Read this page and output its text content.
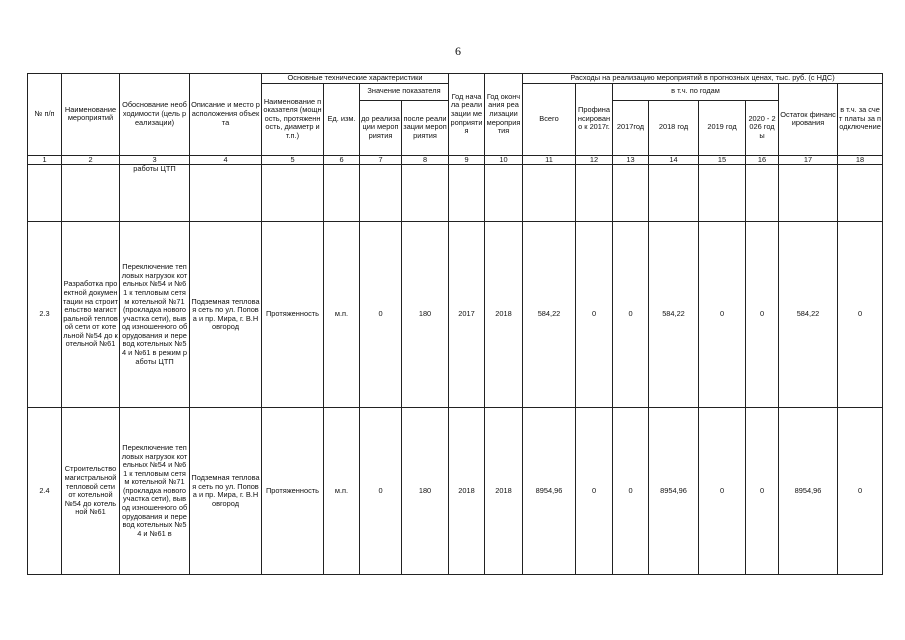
6
№ п/п	Наименование мероприятий	Обоснование необходимости (цель реализации)	Описание и место расположения объекта	Основные технические характеристики				Год начала реализации мероприятия	Год окончания реализации мероприятия	Расходы на реализацию мероприятий в прогнозных ценах, тыс. руб. (с НДС)							
				Наименование показателя (мощность, протяженность, диаметр и т.п.)	Ед. изм.	Значение показателя				Всего	Профинансировано к 2017г.	в т.ч. по годам				Остаток финансирования	в т.ч. за счет платы за подключение
						до реализации мероприятия	после реализации мероприятия					2017год	2018 год	2019 год	2020 - 2026 годы		
1	2	3	4	5	6	7	8	9	10	11	12	13	14	15	16	17	18
		работы ЦТП															
2.3	Разработка проектной документации на строительство магистральной тепловой сети от котельной №54 до котельной №61	Переключение тепловых нагрузок котельных №54 и №61 к тепловым сетям котельной №71 (прокладка нового участка сети), вывод изношенного оборудования и перевод котельных №54 и №61 в режим работы ЦТП	Подземная тепловая сеть по ул. Попова и пр. Мира, г. В.Новгород	Протяженность	м.п.	0	180	2017	2018	584,22	0	0	584,22	0	0	584,22	0
2.4	Строительство магистральной тепловой сети от котельной №54 до котельной №61	Переключение тепловых нагрузок котельных №54 и №61 к тепловым сетям котельной №71 (прокладка нового участка сети), вывод изношенного оборудования и перевод котельных №54 и №61 в	Подземная тепловая сеть по ул. Попова и пр. Мира, г. В.Новгород	Протяженность	м.п.	0	180	2018	2018	8954,96	0	0	8954,96	0	0	8954,96	0
